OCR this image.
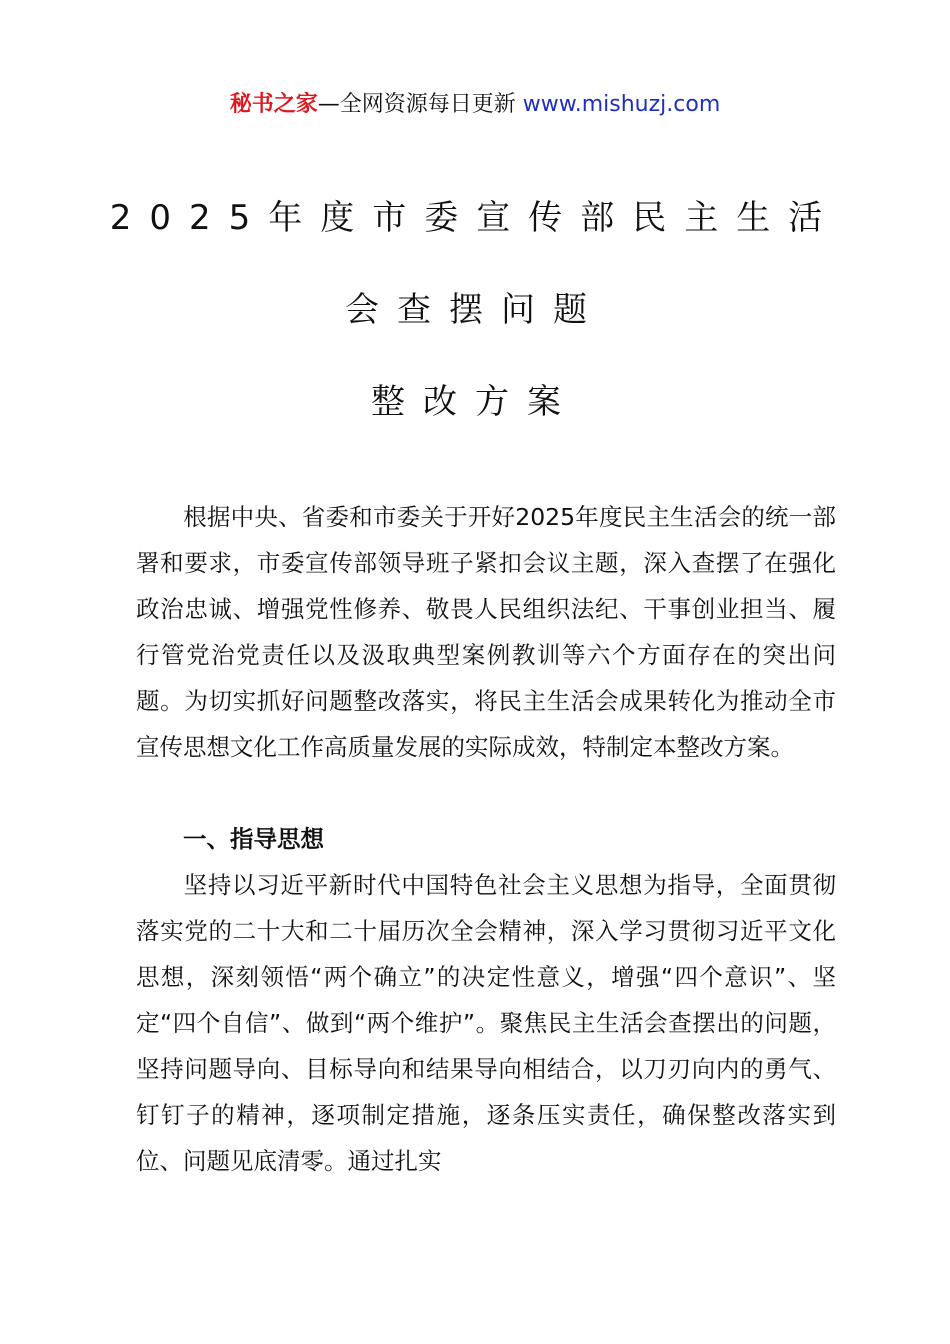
秘书之家—全网资源每日更新 www.mishuzj.com
2025年度市委宣传部民主生活
会查摆问题
整改方案

根据中央、省委和市委关于开好2025年度民主生活会的统一部署和要求，市委宣传部领导班子紧扣会议主题，深入查摆了在强化政治忠诚、增强党性修养、敬畏人民组织法纪、干事创业担当、履行管党治党责任以及汲取典型案例教训等六个方面存在的突出问题。为切实抓好问题整改落实，将民主生活会成果转化为推动全市宣传思想文化工作高质量发展的实际成效，特制定本整改方案。

一、指导思想

坚持以习近平新时代中国特色社会主义思想为指导，全面贯彻落实党的二十大和二十届历次全会精神，深入学习贯彻习近平文化思想，深刻领悟“两个确立”的决定性意义，增强“四个意识”、坚定“四个自信”、做到“两个维护”。聚焦民主生活会查摆出的问题，坚持问题导向、目标导向和结果导向相结合，以刀刃向内的勇气、钉钉子的精神，逐项制定措施，逐条压实责任，确保整改落实到位、问题见底清零。通过扎实
